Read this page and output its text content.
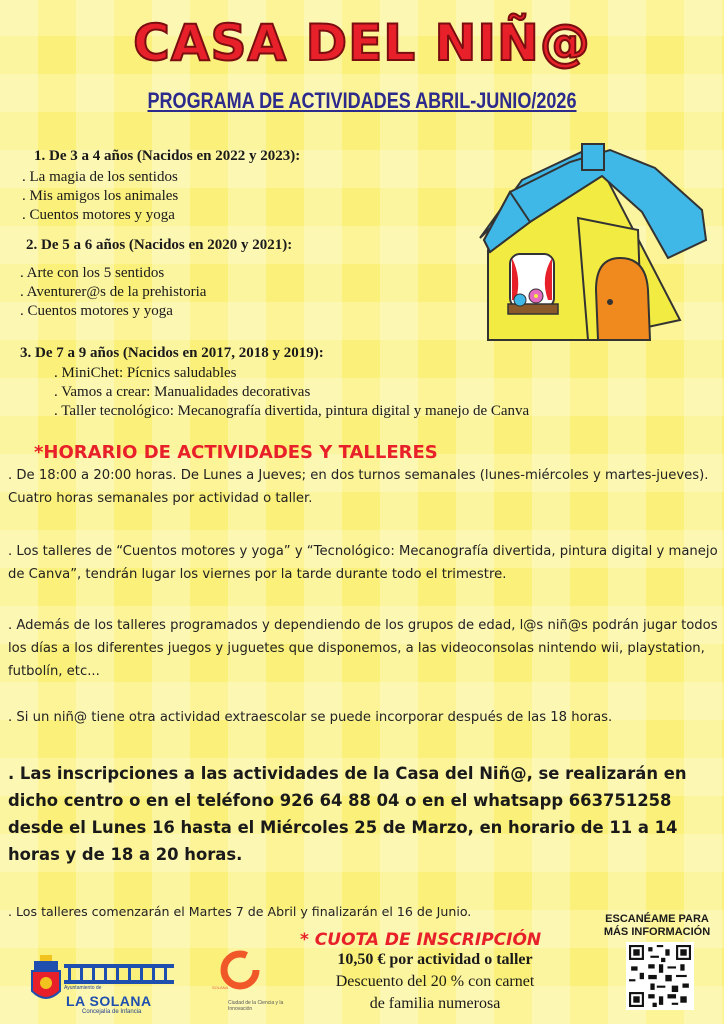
CASA DEL NIÑ@
PROGRAMA DE ACTIVIDADES ABRIL-JUNIO/2026
1. De 3 a 4 años (Nacidos en 2022 y 2023):
. La magia de los sentidos
. Mis amigos los animales
. Cuentos motores y yoga
2. De 5 a 6 años (Nacidos en 2020 y 2021):
. Arte con los 5 sentidos
. Aventurer@s de la prehistoria
. Cuentos motores y yoga
3. De 7 a 9 años (Nacidos en 2017, 2018 y 2019):
. MiniChet: Pícnics saludables
. Vamos a crear: Manualidades decorativas
. Taller tecnológico: Mecanografía divertida, pintura digital y manejo de Canva
*HORARIO DE ACTIVIDADES Y TALLERES
. De 18:00 a 20:00 horas. De Lunes a Jueves; en dos turnos semanales (lunes-miércoles y martes-jueves). Cuatro horas semanales por actividad o taller.
. Los talleres de “Cuentos motores y yoga” y “Tecnológico: Mecanografía divertida, pintura digital y manejo de Canva”, tendrán lugar los viernes por la tarde durante todo el trimestre.
. Además de los talleres programados y dependiendo de los grupos de edad, l@s niñ@s podrán jugar todos los días a los diferentes juegos y juguetes que disponemos, a las videoconsolas nintendo wii, playstation, futbolín, etc...
. Si un niñ@ tiene otra actividad extraescolar se puede incorporar después de las 18 horas.
. Las inscripciones a las actividades de la Casa del Niñ@, se realizarán en dicho centro o en el teléfono 926 64 88 04 o en el whatsapp 663751258 desde el Lunes 16 hasta el Miércoles 25 de Marzo, en horario de 11 a 14 horas y de 18 a 20 horas.
. Los talleres comenzarán el Martes 7 de Abril y finalizarán el 16 de Junio.
* CUOTA DE INSCRIPCIÓN
10,50 € por actividad o taller
Descuento del 20 % con carnet
de familia numerosa
ESCANÉAME PARA MÁS INFORMACIÓN
Ayuntamiento de
LA SOLANA
Concejalía de Infancia
SOLANA
Ciudad de la Ciencia y la Innovación
